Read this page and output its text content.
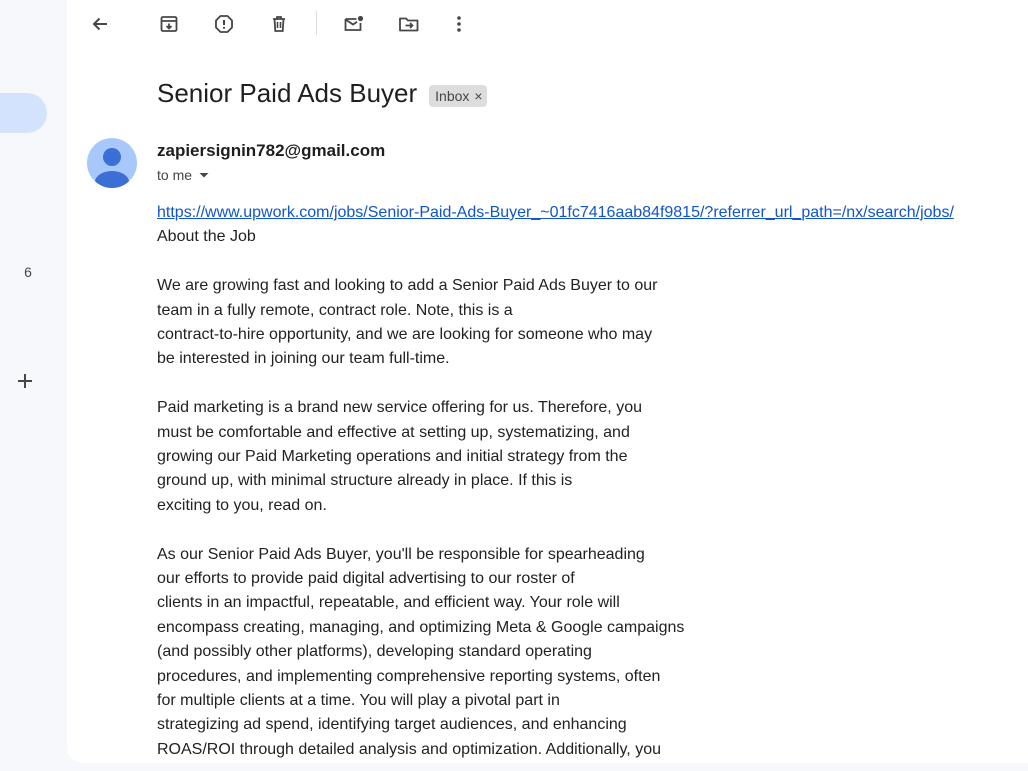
6
Senior Paid Ads Buyer Inbox ×
zapiersignin782@gmail.com
to me
https://www.upwork.com/jobs/Senior-Paid-Ads-Buyer_~01fc7416aab84f9815/?referrer_url_path=/nx/search/jobs/
About the Job
We are growing fast and looking to add a Senior Paid Ads Buyer to our
team in a fully remote, contract role. Note, this is a
contract-to-hire opportunity, and we are looking for someone who may
be interested in joining our team full-time.
Paid marketing is a brand new service offering for us. Therefore, you
must be comfortable and effective at setting up, systematizing, and
growing our Paid Marketing operations and initial strategy from the
ground up, with minimal structure already in place. If this is
exciting to you, read on.
As our Senior Paid Ads Buyer, you'll be responsible for spearheading
our efforts to provide paid digital advertising to our roster of
clients in an impactful, repeatable, and efficient way. Your role will
encompass creating, managing, and optimizing Meta & Google campaigns
(and possibly other platforms), developing standard operating
procedures, and implementing comprehensive reporting systems, often
for multiple clients at a time. You will play a pivotal part in
strategizing ad spend, identifying target audiences, and enhancing
ROAS/ROI through detailed analysis and optimization. Additionally, you
